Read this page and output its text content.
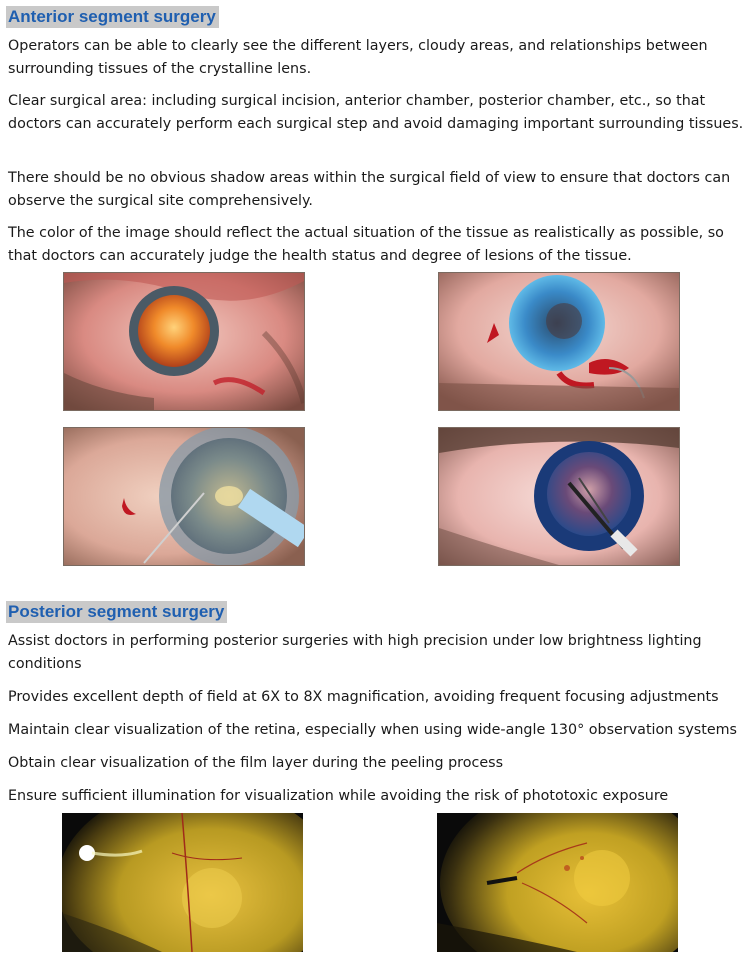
Anterior segment surgery

Operators can be able to clearly see the different layers, cloudy areas, and relationships between surrounding tissues of the crystalline lens.

Clear surgical area: including surgical incision, anterior chamber, posterior chamber, etc., so that doctors can accurately perform each surgical step and avoid damaging important surrounding tissues.

There should be no obvious shadow areas within the surgical field of view to ensure that doctors can observe the surgical site comprehensively.

The color of the image should reflect the actual situation of the tissue as realistically as possible, so that doctors can accurately judge the health status and degree of lesions of the tissue.

Posterior segment surgery

Assist doctors in performing posterior surgeries with high precision under low brightness lighting conditions

Provides excellent depth of field at 6X to 8X magnification, avoiding frequent focusing adjustments

Maintain clear visualization of the retina, especially when using wide-angle 130° observation systems

Obtain clear visualization of the film layer during the peeling process

Ensure sufficient illumination for visualization while avoiding the risk of phototoxic exposure
